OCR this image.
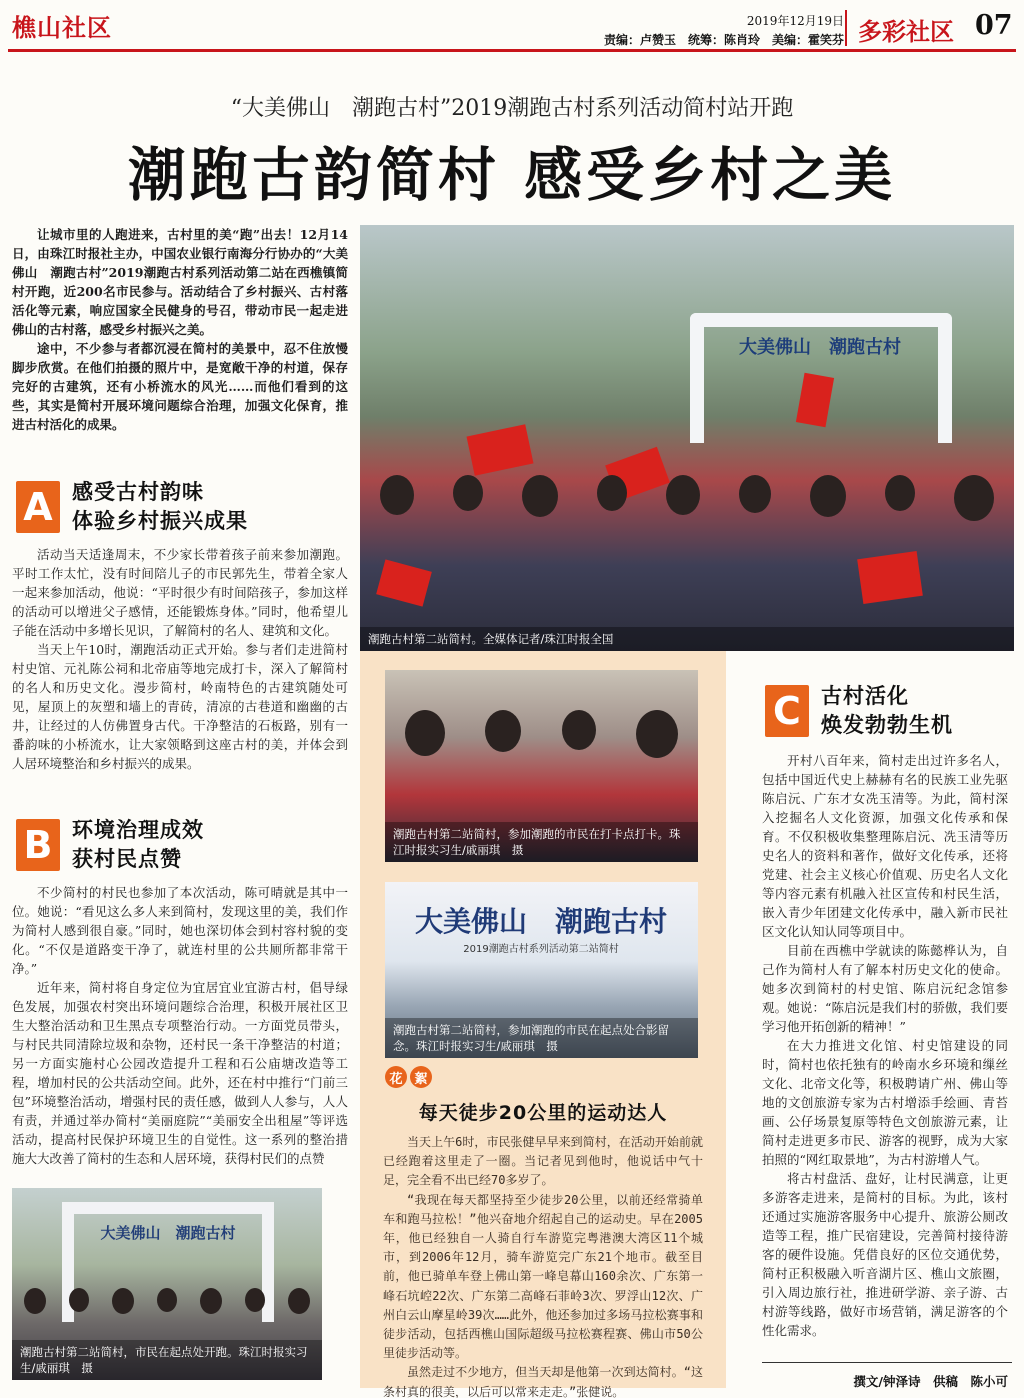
樵山社区	2019年12月19日
责编：卢赞玉 统筹：陈肖玲 美编：霍笑芬 多彩社区 07
“大美佛山　潮跑古村”2019潮跑古村系列活动简村站开跑
潮跑古韵简村 感受乡村之美

让城市里的人跑进来，古村里的美“跑”出去！12月14日，由珠江时报社主办，中国农业银行南海分行协办的“大美佛山　潮跑古村”2019潮跑古村系列活动第二站在西樵镇简村开跑，近200名市民参与。活动结合了乡村振兴、古村落活化等元素，响应国家全民健身的号召，带动市民一起走进佛山的古村落，感受乡村振兴之美。

途中，不少参与者都沉浸在简村的美景中，忍不住放慢脚步欣赏。在他们拍摄的照片中，是宽敞干净的村道，保存完好的古建筑，还有小桥流水的风光……而他们看到的这些，其实是简村开展环境问题综合治理，加强文化保育，推进古村活化的成果。

A 感受古村韵味
体验乡村振兴成果

活动当天适逢周末，不少家长带着孩子前来参加潮跑。平时工作太忙，没有时间陪儿子的市民郭先生，带着全家人一起来参加活动，他说：“平时很少有时间陪孩子，参加这样的活动可以增进父子感情，还能锻炼身体。”同时，他希望儿子能在活动中多增长见识，了解简村的名人、建筑和文化。

当天上午10时，潮跑活动正式开始。参与者们走进简村村史馆、元礼陈公祠和北帝庙等地完成打卡，深入了解简村的名人和历史文化。漫步简村，岭南特色的古建筑随处可见，屋顶上的灰塑和墙上的青砖，清凉的古巷道和幽幽的古井，让经过的人仿佛置身古代。干净整洁的石板路，别有一番韵味的小桥流水，让大家领略到这座古村的美，并体会到人居环境整治和乡村振兴的成果。

B 环境治理成效
获村民点赞

不少简村的村民也参加了本次活动，陈可晴就是其中一位。她说：“看见这么多人来到简村，发现这里的美，我们作为简村人感到很自豪。”同时，她也深切体会到村容村貌的变化。“不仅是道路变干净了，就连村里的公共厕所都非常干净。”

近年来，简村将自身定位为宜居宜业宜游古村，倡导绿色发展，加强农村突出环境问题综合治理，积极开展社区卫生大整治活动和卫生黑点专项整治行动。一方面党员带头，与村民共同清除垃圾和杂物，还村民一条干净整洁的村道；另一方面实施村心公园改造提升工程和石公庙塘改造等工程，增加村民的公共活动空间。此外，还在村中推行“门前三包”环境整治活动，增强村民的责任感，做到人人参与，人人有责，并通过举办简村“美丽庭院”“美丽安全出租屋”等评选活动，提高村民保护环境卫生的自觉性。这一系列的整治措施大大改善了简村的生态和人居环境，获得村民们的点赞

大美佛山　潮跑古村
潮跑古村第二站简村。全媒体记者/珠江时报全国
潮跑古村第二站简村，参加潮跑的市民在打卡点打卡。珠江时报实习生/戚丽琪　摄
大美佛山　潮跑古村
2019潮跑古村系列活动第二站简村
潮跑古村第二站简村，参加潮跑的市民在起点处合影留念。珠江时报实习生/戚丽琪　摄
花 絮
每天徒步20公里的运动达人

当天上午6时，市民张健早早来到简村，在活动开始前就已经跑着这里走了一圈。当记者见到他时，他说话中气十足，完全看不出已经70多岁了。

“我现在每天都坚持至少徒步20公里，以前还经常骑单车和跑马拉松！”他兴奋地介绍起自己的运动史。早在2005年，他已经独自一人骑自行车游览完粤港澳大湾区11个城市，到2006年12月，骑车游览完广东21个地市。截至目前，他已骑单车登上佛山第一峰皂幕山160余次、广东第一峰石坑崆22次、广东第二高峰石菲岭3次、罗浮山12次、广州白云山摩星岭39次……此外，他还参加过多场马拉松赛事和徒步活动，包括西樵山国际超级马拉松赛程赛、佛山市50公里徒步活动等。

虽然走过不少地方，但当天却是他第一次到达简村。“这条村真的很美，以后可以常来走走。”张健说。

大美佛山　潮跑古村
潮跑古村第二站简村，市民在起点处开跑。珠江时报实习生/戚丽琪　摄
C 古村活化
焕发勃勃生机

开村八百年来，简村走出过许多名人，包括中国近代史上赫赫有名的民族工业先驱陈启沅、广东才女冼玉清等。为此，简村深入挖掘名人文化资源，加强文化传承和保育。不仅积极收集整理陈启沅、冼玉清等历史名人的资料和著作，做好文化传承，还将党建、社会主义核心价值观、历史名人文化等内容元素有机融入社区宣传和村民生活，嵌入青少年团建文化传承中，融入新市民社区文化认知认同等项目中。

目前在西樵中学就读的陈懿桦认为，自己作为简村人有了解本村历史文化的使命。她多次到简村的村史馆、陈启沅纪念馆参观。她说：“陈启沅是我们村的骄傲，我们要学习他开拓创新的精神！”

在大力推进文化馆、村史馆建设的同时，简村也依托独有的岭南水乡环境和缫丝文化、北帝文化等，积极聘请广州、佛山等地的文创旅游专家为古村增添手绘画、青苔画、公仔场景复原等特色文创旅游元素，让简村走进更多市民、游客的视野，成为大家拍照的“网红取景地”，为古村游增人气。

将古村盘活、盘好，让村民满意，让更多游客走进来，是简村的目标。为此，该村还通过实施游客服务中心提升、旅游公厕改造等工程，推广民宿建设，完善简村接待游客的硬件设施。凭借良好的区位交通优势，简村正积极融入听音湖片区、樵山文旅圈，引入周边旅行社，推进研学游、亲子游、古村游等线路，做好市场营销，满足游客的个性化需求。

撰文/钟泽诗　供稿　陈小可
